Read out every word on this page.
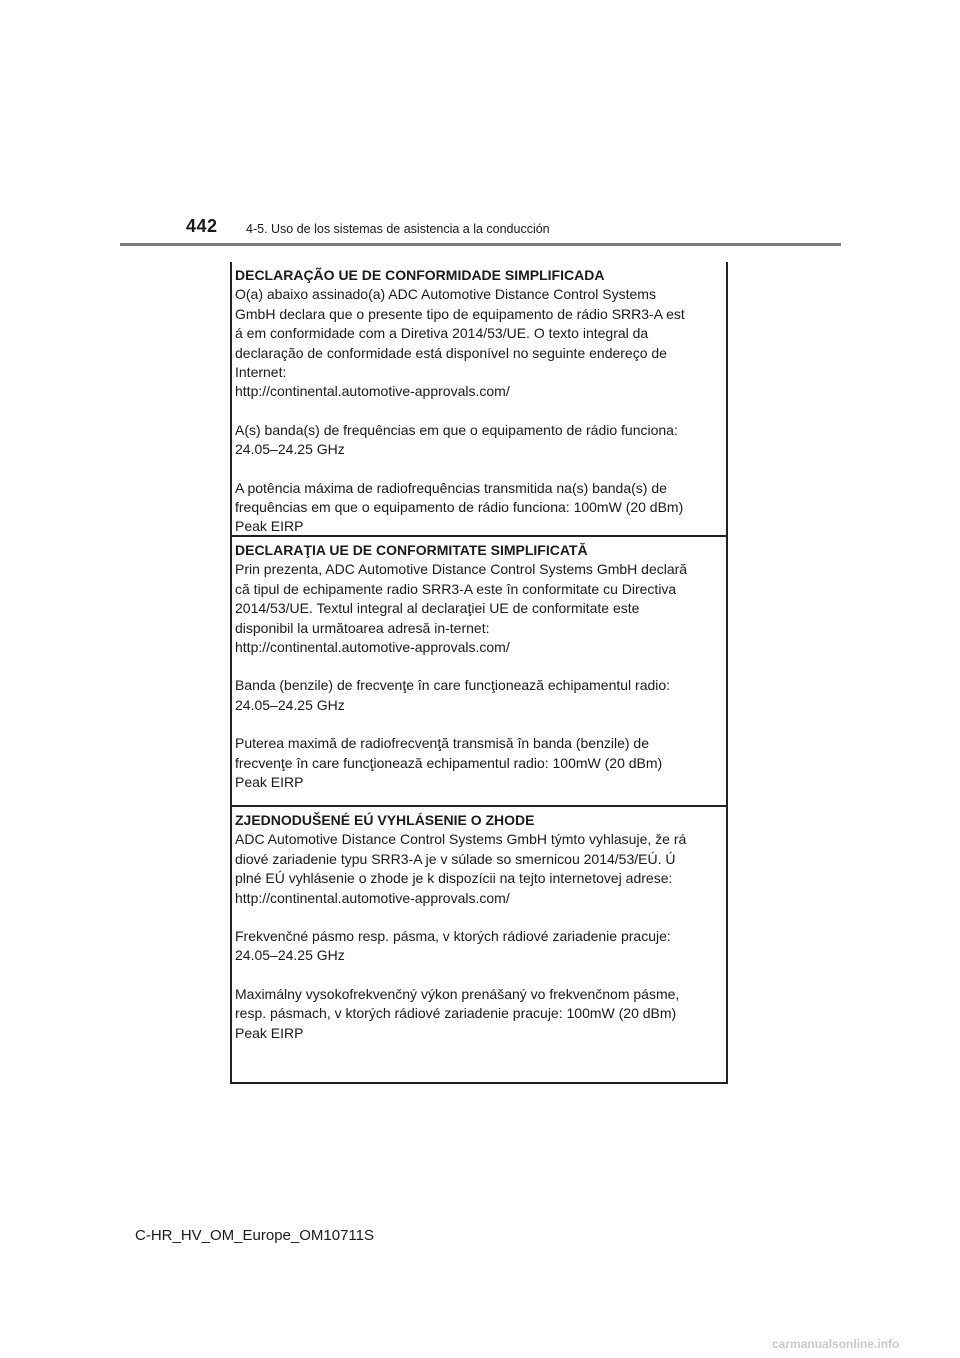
442 4-5. Uso de los sistemas de asistencia a la conducción
DECLARAÇÃO UE DE CONFORMIDADE SIMPLIFICADA
O(a) abaixo assinado(a) ADC Automotive Distance Control Systems
GmbH declara que o presente tipo de equipamento de rádio SRR3-A est
á em conformidade com a Diretiva 2014/53/UE. O texto integral da
declaração de conformidade está disponível no seguinte endereço de
Internet:
http://continental.automotive-approvals.com/
A(s) banda(s) de frequências em que o equipamento de rádio funciona:
24.05–24.25 GHz
A potência máxima de radiofrequências transmitida na(s) banda(s) de
frequências em que o equipamento de rádio funciona: 100mW (20 dBm)
Peak EIRP
DECLARAŢIA UE DE CONFORMITATE SIMPLIFICATĂ
Prin prezenta, ADC Automotive Distance Control Systems GmbH declară
că tipul de echipamente radio SRR3-A este în conformitate cu Directiva
2014/53/UE. Textul integral al declaraţiei UE de conformitate este
disponibil la următoarea adresă in-ternet:
http://continental.automotive-approvals.com/
Banda (benzile) de frecvenţe în care funcţionează echipamentul radio:
24.05–24.25 GHz
Puterea maximă de radiofrecvenţă transmisă în banda (benzile) de
frecvenţe în care funcţionează echipamentul radio: 100mW (20 dBm)
Peak EIRP
ZJEDNODUŠENÉ EÚ VYHLÁSENIE O ZHODE
ADC Automotive Distance Control Systems GmbH týmto vyhlasuje, že rá
diové zariadenie typu SRR3-A je v súlade so smernicou 2014/53/EÚ. Ú
plné EÚ vyhlásenie o zhode je k dispozícii na tejto internetovej adrese:
http://continental.automotive-approvals.com/
Frekvenčné pásmo resp. pásma, v ktorých rádiové zariadenie pracuje:
24.05–24.25 GHz
Maximálny vysokofrekvenčný výkon prenášaný vo frekvenčnom pásme,
resp. pásmach, v ktorých rádiové zariadenie pracuje: 100mW (20 dBm)
Peak EIRP
C-HR_HV_OM_Europe_OM10711S
carmanualsonline.info
